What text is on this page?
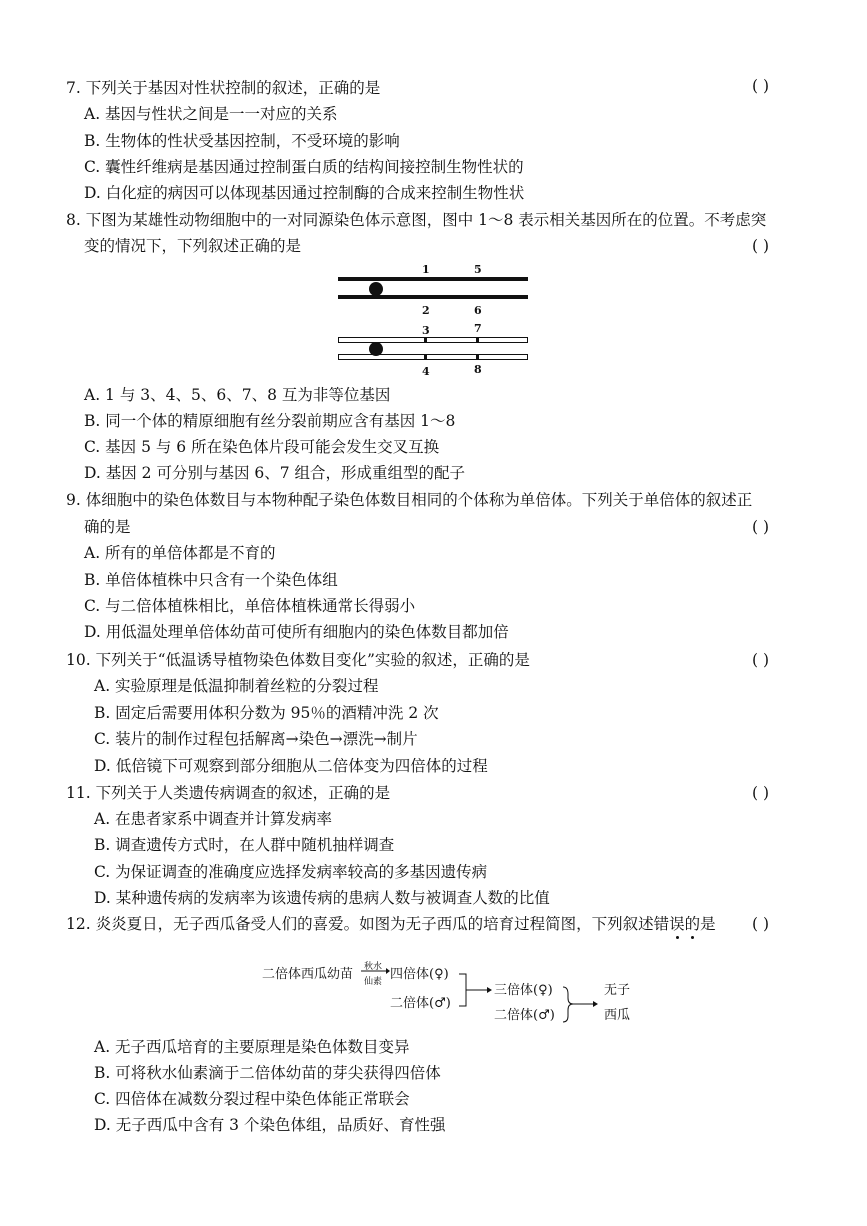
7. 下列关于基因对性状控制的叙述，正确的是	( )
A. 基因与性状之间是一一对应的关系
B. 生物体的性状受基因控制，不受环境的影响
C. 囊性纤维病是基因通过控制蛋白质的结构间接控制生物性状的
D. 白化症的病因可以体现基因通过控制酶的合成来控制生物性状
8. 下图为某雄性动物细胞中的一对同源染色体示意图，图中 1～8 表示相关基因所在的位置。不考虑突
变的情况下，下列叙述正确的是	( )
1	5
2	6
3	7
4	8
A. 1 与 3、4、5、6、7、8 互为非等位基因
B. 同一个体的精原细胞有丝分裂前期应含有基因 1～8
C. 基因 5 与 6 所在染色体片段可能会发生交叉互换
D. 基因 2 可分别与基因 6、7 组合，形成重组型的配子
9. 体细胞中的染色体数目与本物种配子染色体数目相同的个体称为单倍体。下列关于单倍体的叙述正
确的是	( )
A. 所有的单倍体都是不育的
B. 单倍体植株中只含有一个染色体组
C. 与二倍体植株相比，单倍体植株通常长得弱小
D. 用低温处理单倍体幼苗可使所有细胞内的染色体数目都加倍
10. 下列关于“低温诱导植物染色体数目变化”实验的叙述，正确的是	( )
A. 实验原理是低温抑制着丝粒的分裂过程
B. 固定后需要用体积分数为 95％的酒精冲洗 2 次
C. 装片的制作过程包括解离→染色→漂洗→制片
D. 低倍镜下可观察到部分细胞从二倍体变为四倍体的过程
11. 下列关于人类遗传病调查的叙述，正确的是	( )
A. 在患者家系中调查并计算发病率
B. 调查遗传方式时，在人群中随机抽样调查
C. 为保证调查的准确度应选择发病率较高的多基因遗传病
D. 某种遗传病的发病率为该遗传病的患病人数与被调查人数的比值
12. 炎炎夏日，无子西瓜备受人们的喜爱。如图为无子西瓜的培育过程简图，下列叙述错误的是 ( )
二倍体西瓜幼苗 秋水
仙素 四倍体(♀)
二倍体(♂)
三倍体(♀)
二倍体(♂)
无子
西瓜
A. 无子西瓜培育的主要原理是染色体数目变异
B. 可将秋水仙素滴于二倍体幼苗的芽尖获得四倍体
C. 四倍体在减数分裂过程中染色体能正常联会
D. 无子西瓜中含有 3 个染色体组，品质好、育性强
